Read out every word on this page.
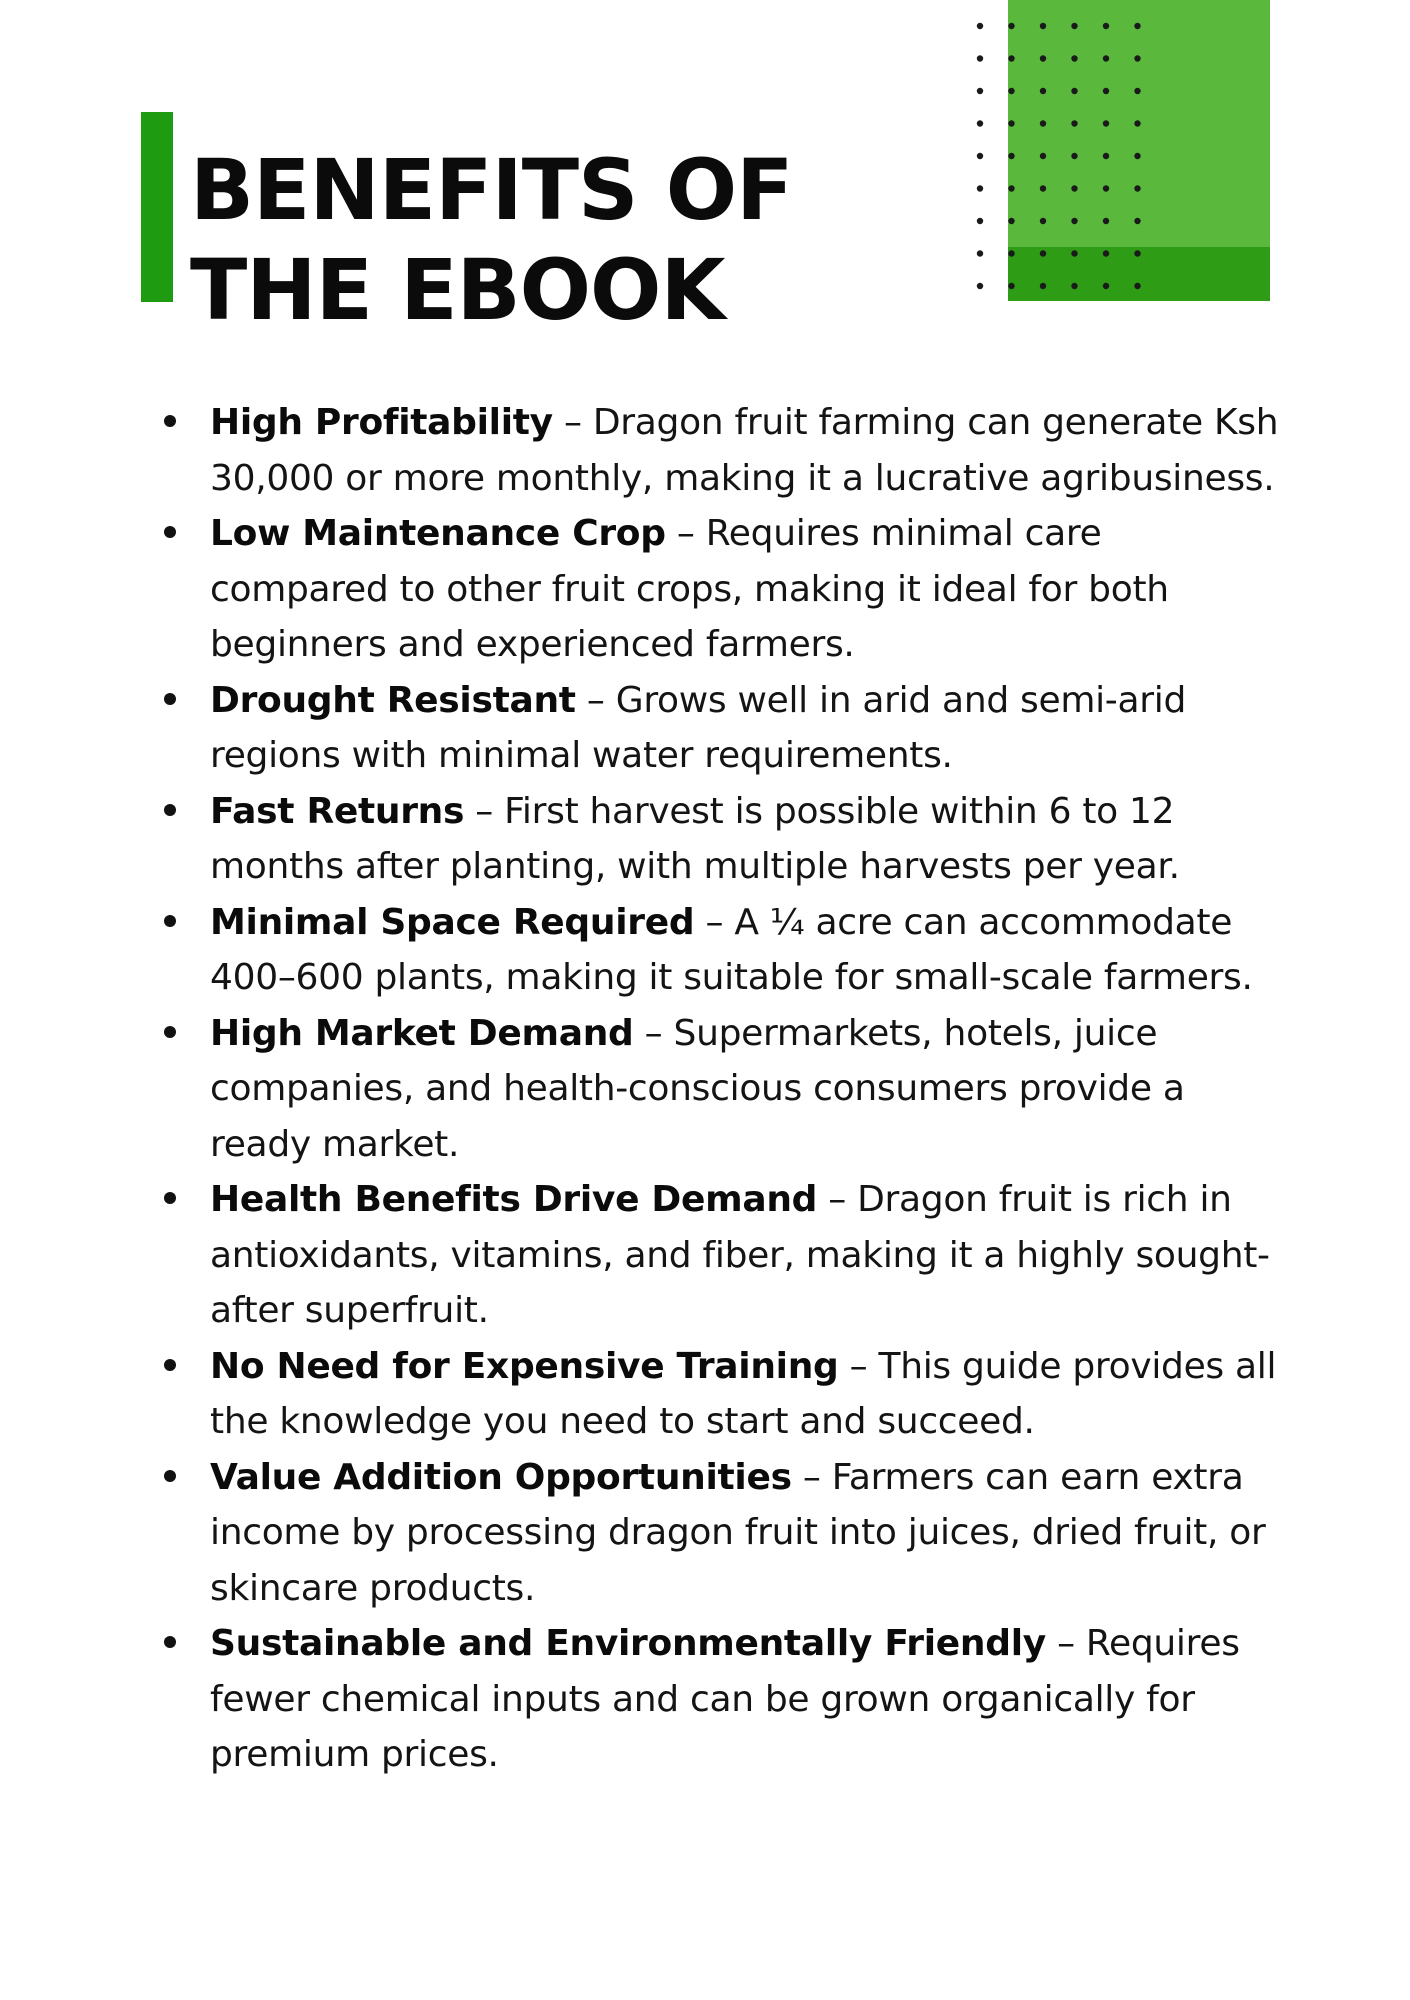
BENEFITS OF THE EBOOK
High Profitability – Dragon fruit farming can generate Ksh 30,000 or more monthly, making it a lucrative agribusiness.
Low Maintenance Crop – Requires minimal care compared to other fruit crops, making it ideal for both beginners and experienced farmers.
Drought Resistant – Grows well in arid and semi-arid regions with minimal water requirements.
Fast Returns – First harvest is possible within 6 to 12 months after planting, with multiple harvests per year.
Minimal Space Required – A ¼ acre can accommodate 400–600 plants, making it suitable for small-scale farmers.
High Market Demand – Supermarkets, hotels, juice companies, and health-conscious consumers provide a ready market.
Health Benefits Drive Demand – Dragon fruit is rich in antioxidants, vitamins, and fiber, making it a highly sought-after superfruit.
No Need for Expensive Training – This guide provides all the knowledge you need to start and succeed.
Value Addition Opportunities – Farmers can earn extra income by processing dragon fruit into juices, dried fruit, or skincare products.
Sustainable and Environmentally Friendly – Requires fewer chemical inputs and can be grown organically for premium prices.
